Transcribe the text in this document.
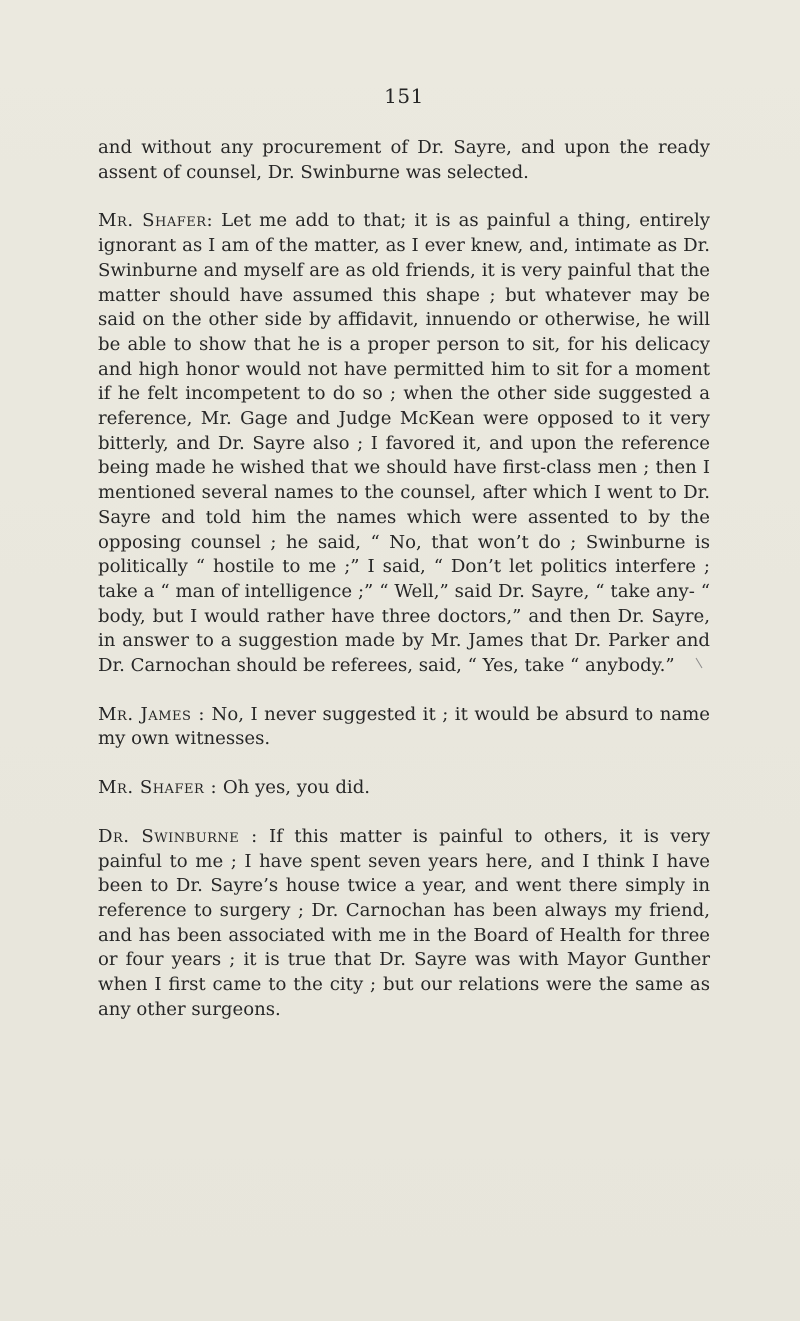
151

and without any procurement of Dr. Sayre, and upon the ready assent of counsel, Dr. Swinburne was selected.

Mr. Shafer: Let me add to that; it is as painful a thing, entirely ignorant as I am of the matter, as I ever knew, and, intimate as Dr. Swinburne and myself are as old friends, it is very painful that the matter should have assumed this shape ; but whatever may be said on the other side by affidavit, innuendo or otherwise, he will be able to show that he is a proper person to sit, for his delicacy and high honor would not have permitted him to sit for a moment if he felt incompetent to do so ; when the other side suggested a reference, Mr. Gage and Judge McKean were opposed to it very bitterly, and Dr. Sayre also ; I favored it, and upon the reference being made he wished that we should have first-class men ; then I mentioned several names to the counsel, after which I went to Dr. Sayre and told him the names which were assented to by the opposing counsel ; he said, “ No, that won’t do ; Swinburne is politically “ hostile to me ;” I said, “ Don’t let politics interfere ; take a “ man of intelligence ;” “ Well,” said Dr. Sayre, “ take any- “ body, but I would rather have three doctors,” and then Dr. Sayre, in answer to a suggestion made by Mr. James that Dr. Parker and Dr. Carnochan should be referees, said, “ Yes, take “ anybody.”

Mr. James : No, I never suggested it ; it would be absurd to name my own witnesses.

Mr. Shafer : Oh yes, you did.

Dr. Swinburne : If this matter is painful to others, it is very painful to me ; I have spent seven years here, and I think I have been to Dr. Sayre’s house twice a year, and went there simply in reference to surgery ; Dr. Carnochan has been always my friend, and has been associated with me in the Board of Health for three or four years ; it is true that Dr. Sayre was with Mayor Gunther when I first came to the city ; but our relations were the same as any other surgeons.
